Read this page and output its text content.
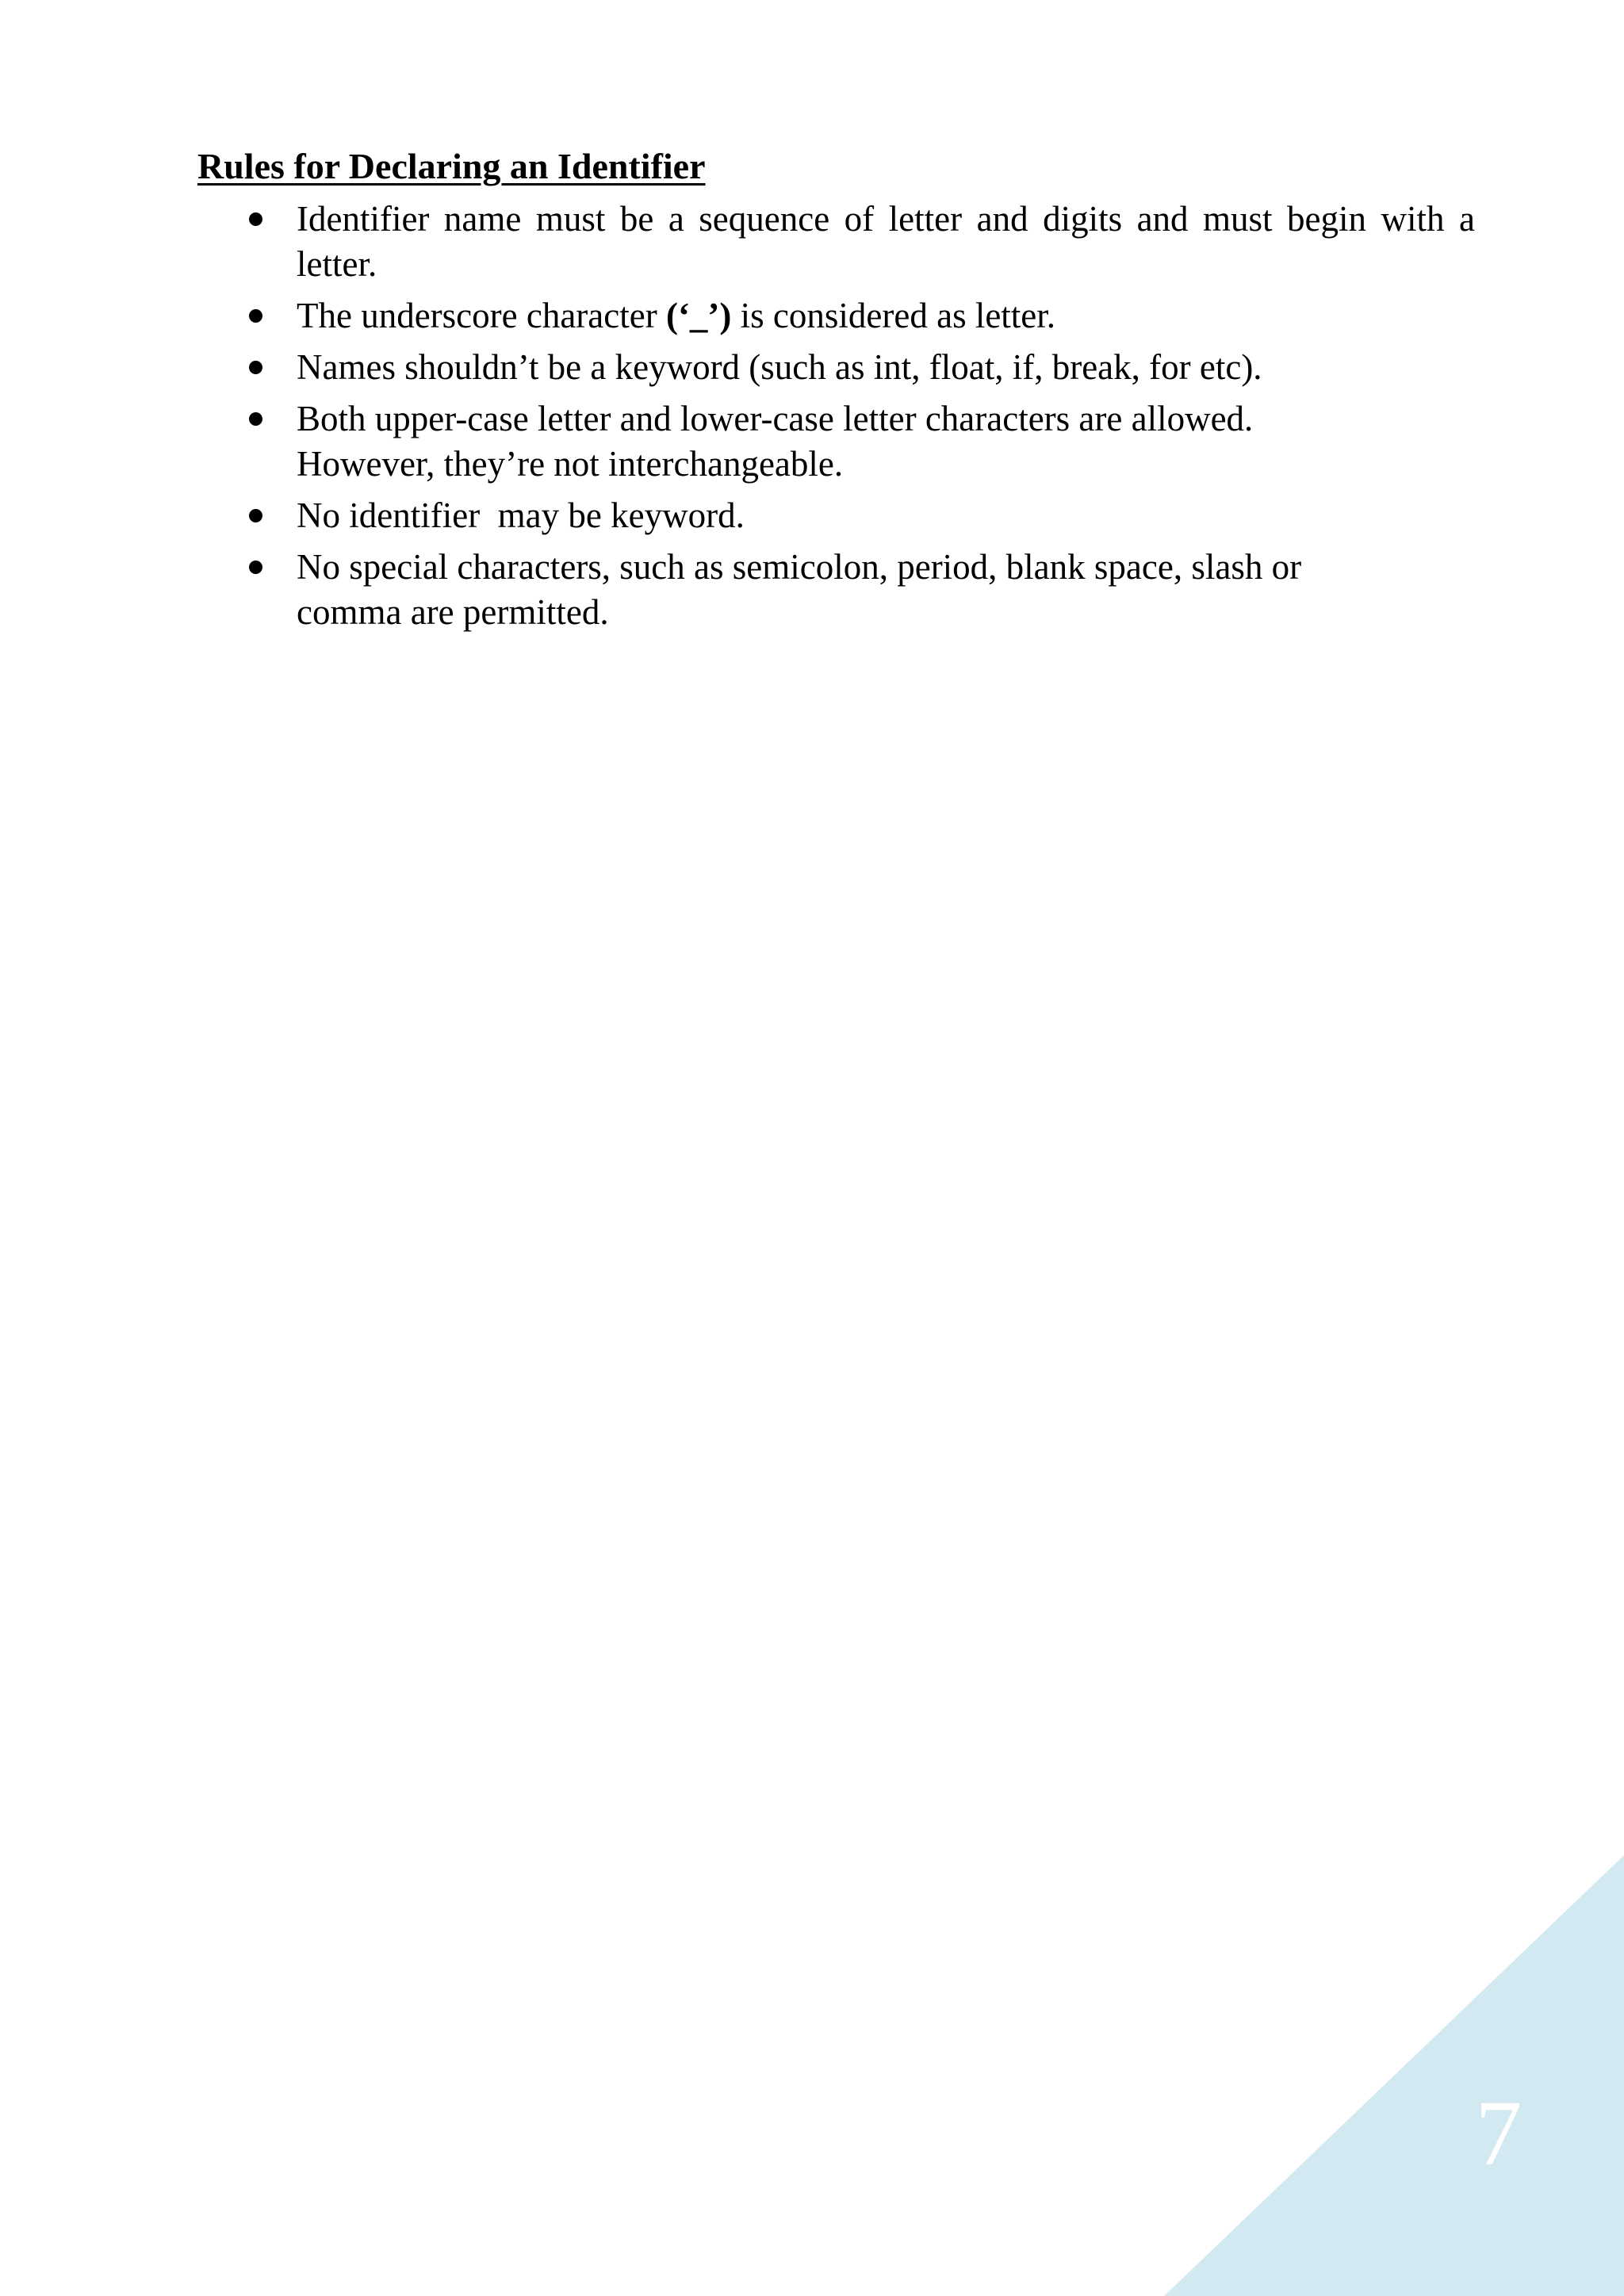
Rules for Declaring an Identifier
Identifier name must be a sequence of letter and digits and must begin with a letter.
The underscore character (‘_’) is considered as letter.
Names shouldn’t be a keyword (such as int, float, if, break, for etc).
Both upper-case letter and lower-case letter characters are allowed.
However, they’re not interchangeable.
No identifier  may be keyword.
No special characters, such as semicolon, period, blank space, slash or
comma are permitted.
7
